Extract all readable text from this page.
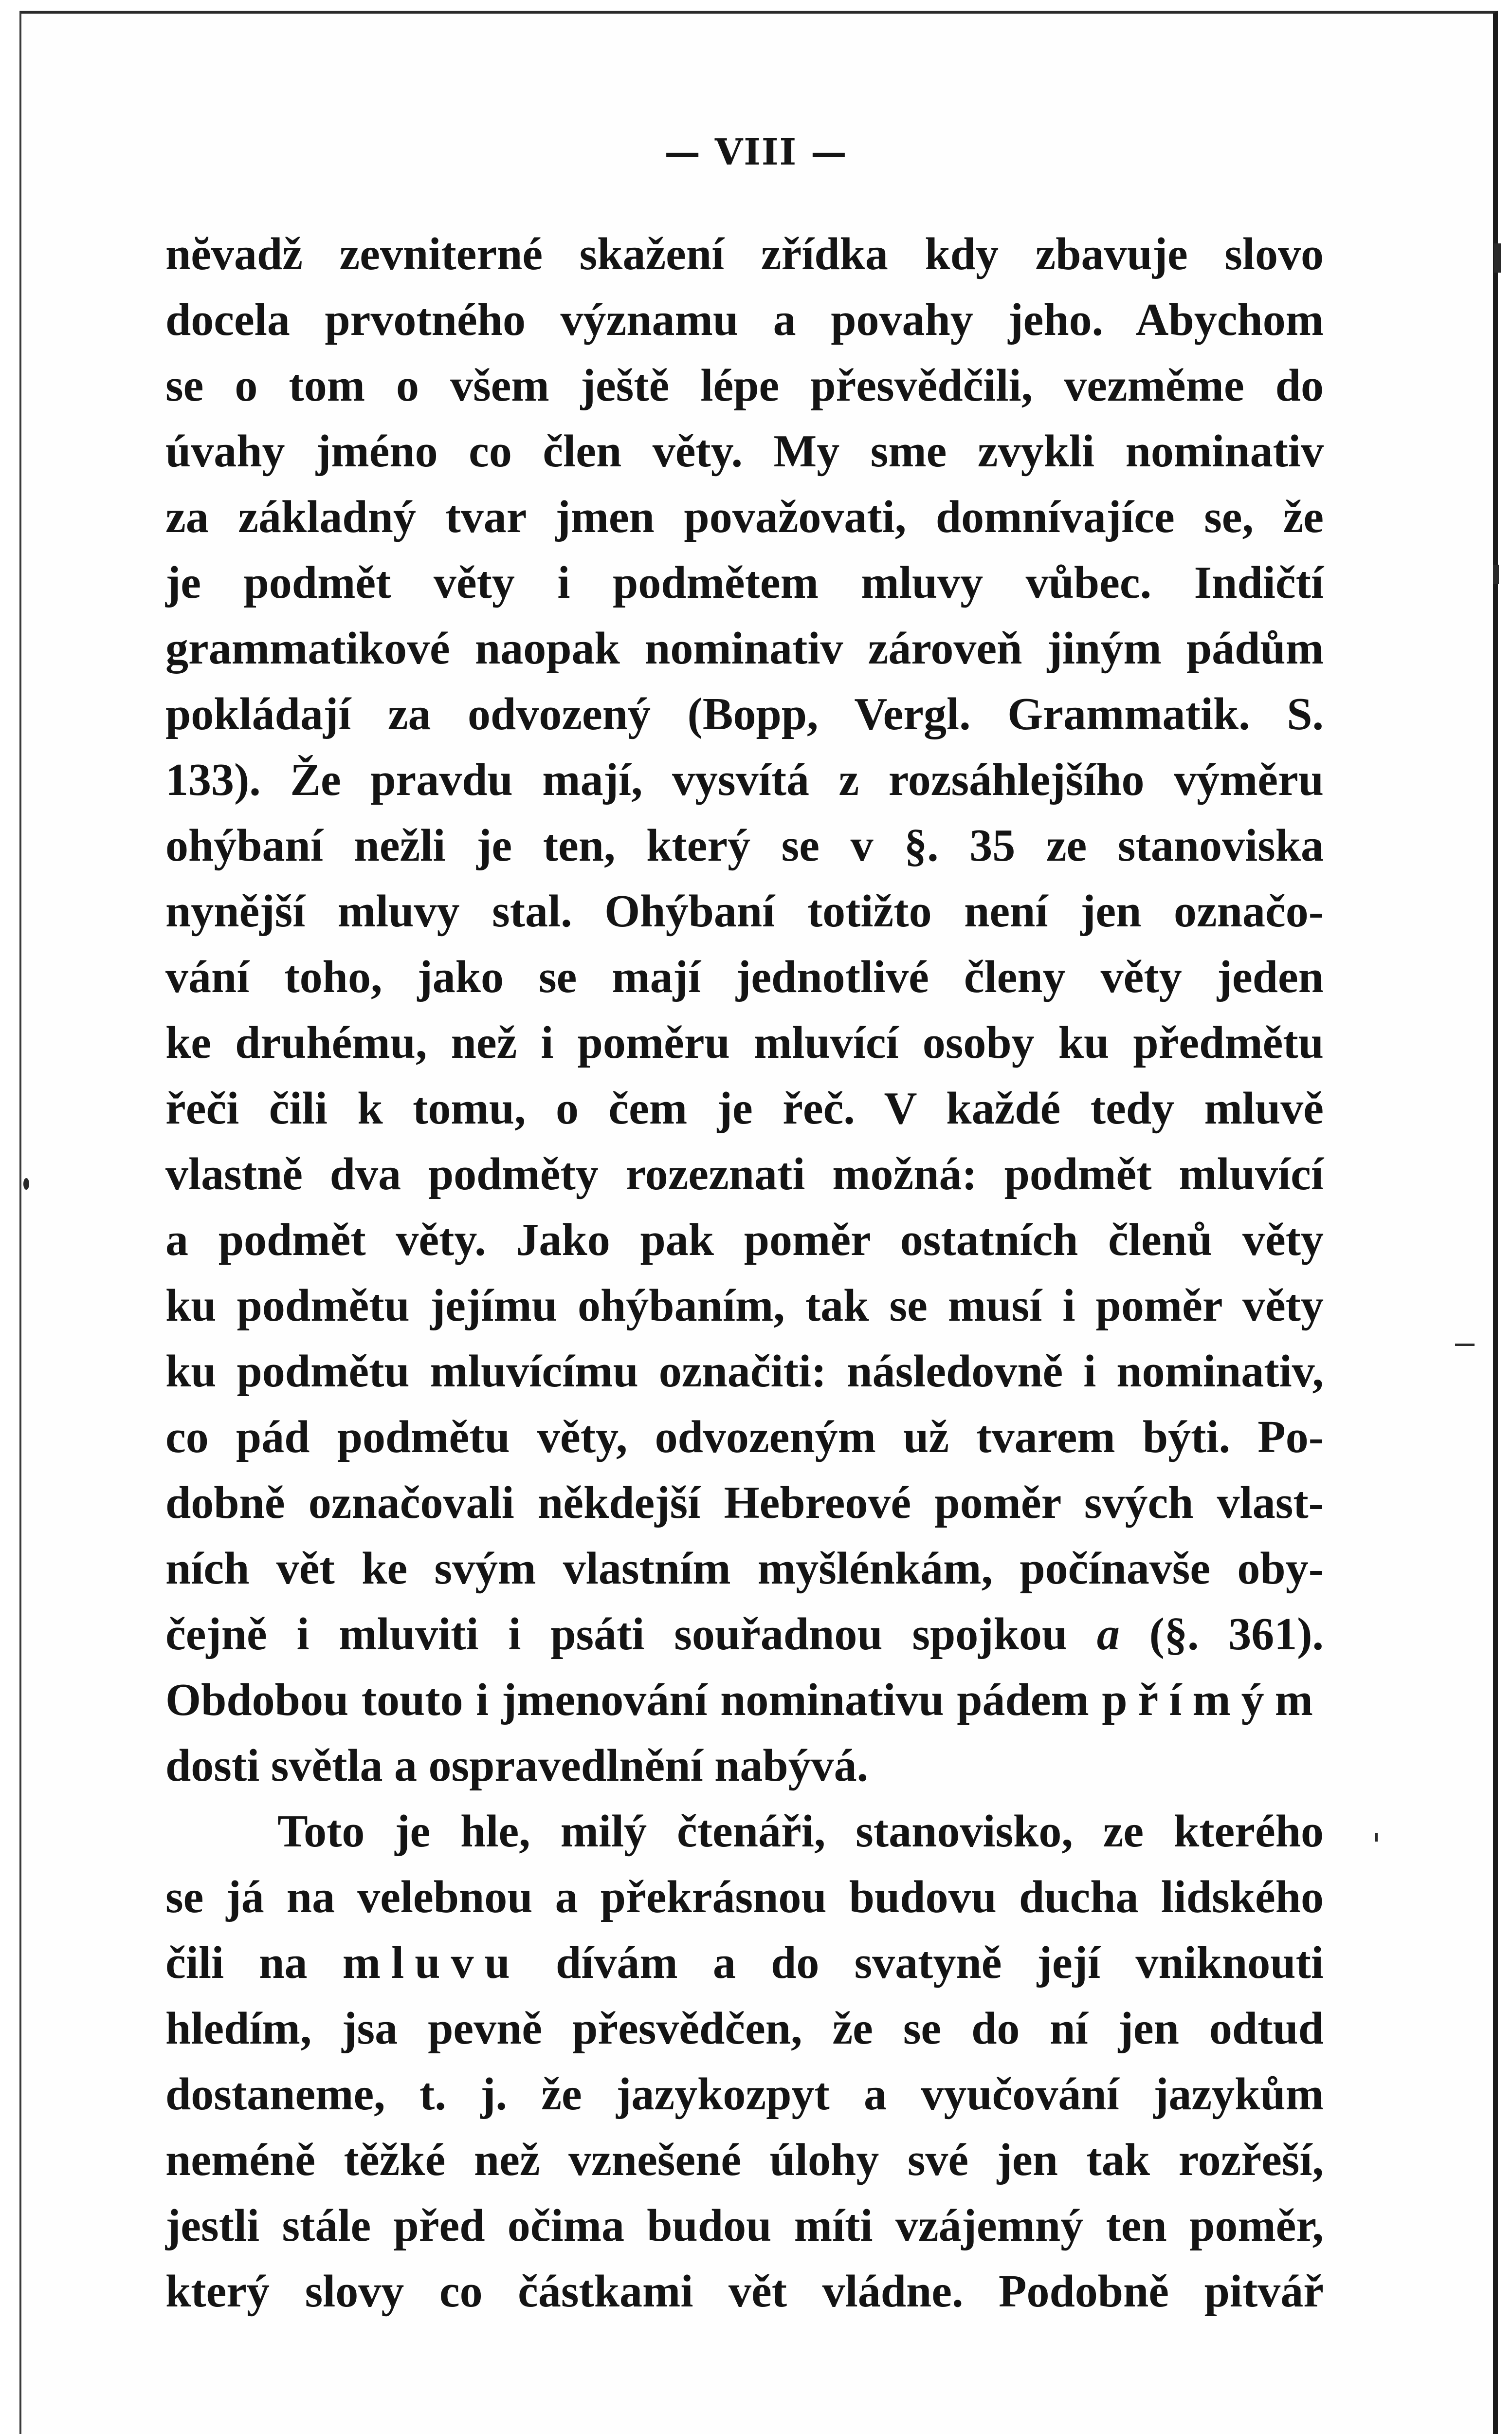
— VIII —
nĕvadž zevniterné skažení zřídka kdy zbavuje slovo
docela prvotného významu a povahy jeho. Abychom
se o tom o všem ještě lépe přesvědčili, vezměme do
úvahy jméno co člen věty. My sme zvykli nominativ
za základný tvar jmen považovati, domnívajíce se, že
je podmět věty i podmětem mluvy vůbec. Indičtí
grammatikové naopak nominativ zároveň jiným pádům
pokládají za odvozený (Bopp, Vergl. Grammatik. S.
133). Že pravdu mají, vysvítá z rozsáhlejšího výměru
ohýbaní nežli je ten, který se v §. 35 ze stanoviska
nynější mluvy stal. Ohýbaní totižto není jen označo-
vání toho, jako se mají jednotlivé členy věty jeden
ke druhému, než i poměru mluvící osoby ku předmětu
řeči čili k tomu, o čem je řeč. V každé tedy mluvě
vlastně dva podměty rozeznati možná: podmět mluvící
a podmět věty. Jako pak poměr ostatních členů věty
ku podmětu jejímu ohýbaním, tak se musí i poměr věty
ku podmětu mluvícímu označiti: následovně i nominativ,
co pád podmětu věty, odvozeným už tvarem býti. Po-
dobně označovali někdejší Hebreové poměr svých vlast-
ních vět ke svým vlastním myšlénkám, počínavše oby-
čejně i mluviti i psáti souřadnou spojkou a (§. 361).
Obdobou touto i jmenování nominativu pádem přímým
dosti světla a ospravedlnění nabývá.
Toto je hle, milý čtenáři, stanovisko, ze kterého
se já na velebnou a překrásnou budovu ducha lidského
čili na mluvu dívám a do svatyně její vniknouti
hledím, jsa pevně přesvědčen, že se do ní jen odtud
dostaneme, t. j. že jazykozpyt a vyučování jazykům
neméně těžké než vznešené úlohy své jen tak rozřeší,
jestli stále před očima budou míti vzájemný ten poměr,
který slovy co částkami vět vládne. Podobně pitvář
